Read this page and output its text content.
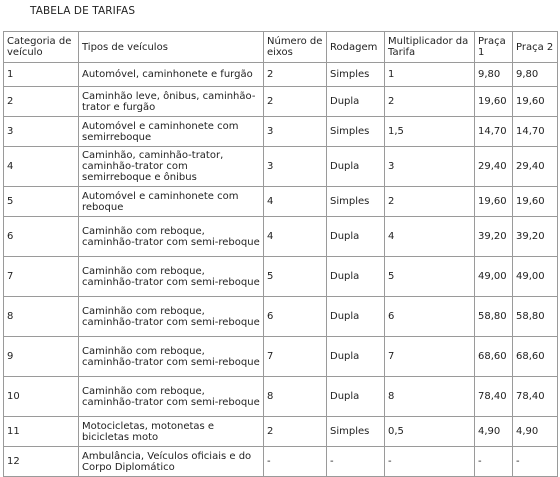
TABELA DE TARIFAS
Categoria de veículo	Tipos de veículos	Número de eixos	Rodagem	Multiplicador da Tarifa	Praça 1	Praça 2
1	Automóvel, caminhonete e furgão	2	Simples	1	9,80	9,80
2	Caminhão leve, ônibus, caminhão-trator e furgão	2	Dupla	2	19,60	19,60
3	Automóvel e caminhonete com semirreboque	3	Simples	1,5	14,70	14,70
4	Caminhão, caminhão-trator, caminhão-trator com semirreboque e ônibus	3	Dupla	3	29,40	29,40
5	Automóvel e caminhonete com reboque	4	Simples	2	19,60	19,60
6	Caminhão com reboque, caminhão-trator com semi-reboque	4	Dupla	4	39,20	39,20
7	Caminhão com reboque, caminhão-trator com semi-reboque	5	Dupla	5	49,00	49,00
8	Caminhão com reboque, caminhão-trator com semi-reboque	6	Dupla	6	58,80	58,80
9	Caminhão com reboque, caminhão-trator com semi-reboque	7	Dupla	7	68,60	68,60
10	Caminhão com reboque, caminhão-trator com semi-reboque	8	Dupla	8	78,40	78,40
11	Motocicletas, motonetas e bicicletas moto	2	Simples	0,5	4,90	4,90
12	Ambulância, Veículos oficiais e do Corpo Diplomático	-	-	-	-	-
